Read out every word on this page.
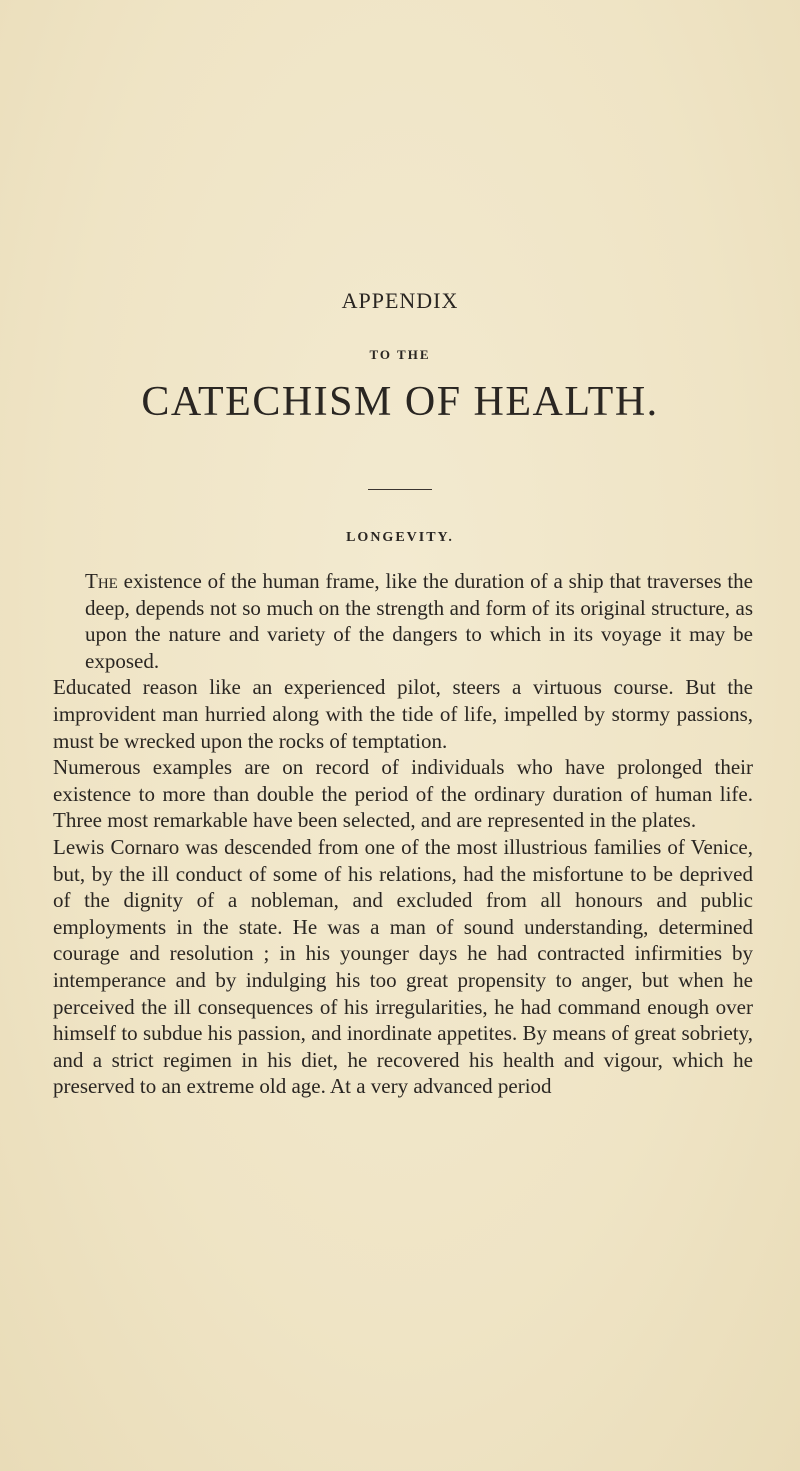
APPENDIX
TO THE
CATECHISM OF HEALTH.
LONGEVITY.

The existence of the human frame, like the duration of a ship that traverses the deep, depends not so much on the strength and form of its original structure, as upon the nature and variety of the dangers to which in its voyage it may be exposed.

Educated reason like an experienced pilot, steers a virtuous course. But the improvident man hurried along with the tide of life, impelled by stormy passions, must be wrecked upon the rocks of temptation.

Numerous examples are on record of individuals who have prolonged their existence to more than double the period of the ordinary duration of human life. Three most remarkable have been selected, and are represented in the plates.

Lewis Cornaro was descended from one of the most illustrious families of Venice, but, by the ill conduct of some of his relations, had the misfortune to be deprived of the dignity of a nobleman, and excluded from all honours and public employments in the state. He was a man of sound understanding, determined courage and resolution ; in his younger days he had contracted infirmities by intemperance and by indulging his too great propensity to anger, but when he perceived the ill consequences of his irregularities, he had command enough over himself to subdue his passion, and inordinate appetites. By means of great sobriety, and a strict regimen in his diet, he recovered his health and vigour, which he preserved to an extreme old age. At a very advanced period
